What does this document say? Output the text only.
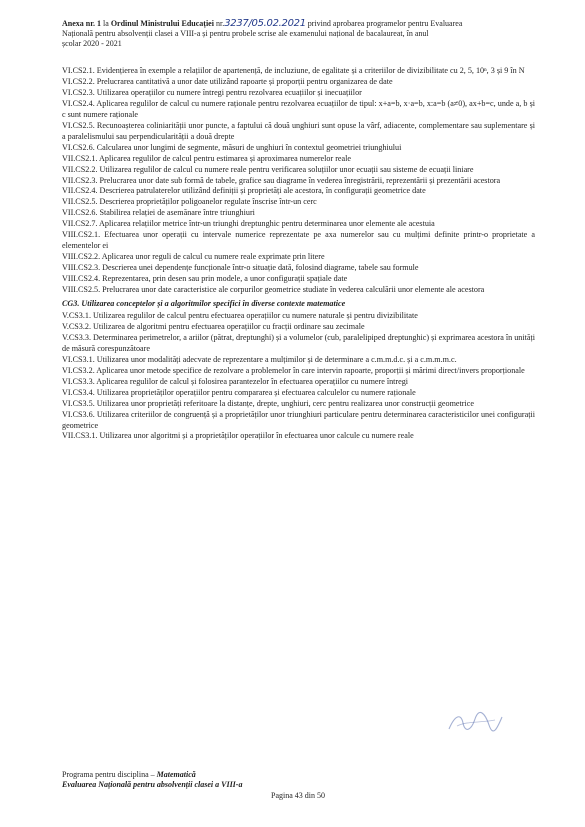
Anexa nr. 1 la Ordinul Ministrului Educației nr.3237/05.02.2021 privind aprobarea programelor pentru Evaluarea
Națională pentru absolvenții clasei a VIII-a și pentru probele scrise ale examenului național de bacalaureat, în anul
școlar 2020 - 2021

VI.CS2.1. Evidențierea în exemple a relațiilor de apartenență, de incluziune, de egalitate și a criteriilor de divizibilitate cu 2, 5, 10ⁿ, 3 și 9 în N

VI.CS2.2. Prelucrarea cantitativă a unor date utilizând rapoarte și proporții pentru organizarea de date

VI.CS2.3. Utilizarea operațiilor cu numere întregi pentru rezolvarea ecuațiilor și inecuațiilor

VI.CS2.4. Aplicarea regulilor de calcul cu numere raționale pentru rezolvarea ecuațiilor de tipul: x+a=b, x·a=b, x:a=b (a≠0), ax+b=c, unde a, b și c sunt numere raționale

VI.CS2.5. Recunoașterea coliniarității unor puncte, a faptului că două unghiuri sunt opuse la vârf, adiacente, complementare sau suplementare și a paralelismului sau perpendicularității a două drepte

VI.CS2.6. Calcularea unor lungimi de segmente, măsuri de unghiuri în contextul geometriei triunghiului

VII.CS2.1. Aplicarea regulilor de calcul pentru estimarea și aproximarea numerelor reale

VII.CS2.2. Utilizarea regulilor de calcul cu numere reale pentru verificarea soluțiilor unor ecuații sau sisteme de ecuații liniare

VII.CS2.3. Prelucrarea unor date sub formă de tabele, grafice sau diagrame în vederea înregistrării, reprezentării și prezentării acestora

VII.CS2.4. Descrierea patrulaterelor utilizând definiții și proprietăți ale acestora, în configurații geometrice date

VII.CS2.5. Descrierea proprietăților poligoanelor regulate înscrise într-un cerc

VII.CS2.6. Stabilirea relației de asemănare între triunghiuri

VII.CS2.7. Aplicarea relațiilor metrice într-un triunghi dreptunghic pentru determinarea unor elemente ale acestuia

VIII.CS2.1. Efectuarea unor operații cu intervale numerice reprezentate pe axa numerelor sau cu mulțimi definite printr-o proprietate a elementelor ei

VIII.CS2.2. Aplicarea unor reguli de calcul cu numere reale exprimate prin litere

VIII.CS2.3. Descrierea unei dependențe funcționale într-o situație dată, folosind diagrame, tabele sau formule

VIII.CS2.4. Reprezentarea, prin desen sau prin modele, a unor configurații spațiale date

VIII.CS2.5. Prelucrarea unor date caracteristice ale corpurilor geometrice studiate în vederea calculării unor elemente ale acestora

CG3. Utilizarea conceptelor și a algoritmilor specifici în diverse contexte matematice

V.CS3.1. Utilizarea regulilor de calcul pentru efectuarea operațiilor cu numere naturale și pentru divizibilitate

V.CS3.2. Utilizarea de algoritmi pentru efectuarea operațiilor cu fracții ordinare sau zecimale

V.CS3.3. Determinarea perimetrelor, a ariilor (pătrat, dreptunghi) și a volumelor (cub, paralelipiped dreptunghic) și exprimarea acestora în unități de măsură corespunzătoare

VI.CS3.1. Utilizarea unor modalități adecvate de reprezentare a mulțimilor și de determinare a c.m.m.d.c. și a c.m.m.m.c.

VI.CS3.2. Aplicarea unor metode specifice de rezolvare a problemelor în care intervin rapoarte, proporții și mărimi direct/invers proporționale

VI.CS3.3. Aplicarea regulilor de calcul și folosirea parantezelor în efectuarea operațiilor cu numere întregi

VI.CS3.4. Utilizarea proprietăților operațiilor pentru compararea și efectuarea calculelor cu numere raționale

VI.CS3.5. Utilizarea unor proprietăți referitoare la distanțe, drepte, unghiuri, cerc pentru realizarea unor construcții geometrice

VI.CS3.6. Utilizarea criteriilor de congruență și a proprietăților unor triunghiuri particulare pentru determinarea caracteristicilor unei configurații geometrice

VII.CS3.1. Utilizarea unor algoritmi și a proprietăților operațiilor în efectuarea unor calcule cu numere reale

Programa pentru disciplina – Matematică
Evaluarea Națională pentru absolvenții clasei a VIII-a
Pagina 43 din 50
